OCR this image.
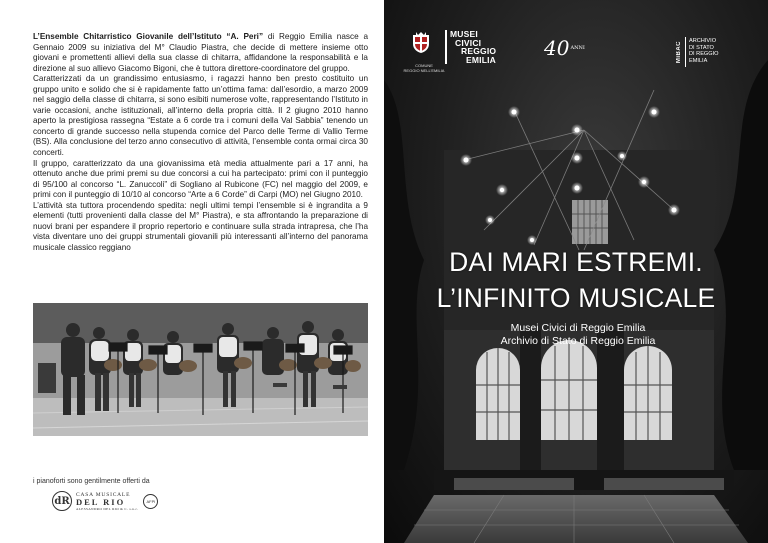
L’Ensemble Chitarristico Giovanile dell’Istituto “A. Peri” di Reggio Emilia nasce a Gennaio 2009 su iniziativa del M° Claudio Piastra, che decide di mettere insieme otto giovani e promettenti allievi della sua classe di chitarra, affidandone la responsabilità e la direzione al suo allievo Giacomo Bigoni, che è tuttora direttore-coordinatore del gruppo.

Caratterizzati da un grandissimo entusiasmo, i ragazzi hanno ben presto costituito un gruppo unito e solido che si è rapidamente fatto un’ottima fama: dall’esordio, a marzo 2009 nel saggio della classe di chitarra, si sono esibiti numerose volte, rappresentando l’Istituto in varie occasioni, anche istituzionali, all’interno della propria città. Il 2 giugno 2010 hanno aperto la prestigiosa rassegna “Estate a 6 corde tra i comuni della Val Sabbia” tenendo un concerto di grande successo nella stupenda cornice del Parco delle Terme di Vallio Terme (BS). Alla conclusione del terzo anno consecutivo di attività, l’ensemble conta ormai circa 30 concerti.

Il gruppo, caratterizzato da una giovanissima età media attualmente pari a 17 anni, ha ottenuto anche due primi premi su due concorsi a cui ha partecipato: primi con il punteggio di 95/100 al concorso “L. Zanuccoli” di Sogliano al Rubicone (FC) nel maggio del 2009, e primi con il punteggio di 10/10 al concorso “Arte a 6 Corde” di Carpi (MO) nel Giugno 2010.

L’attività sta tuttora procendendo spedita: negli ultimi tempi l’ensemble si è ingrandita a 9 elementi (tutti provenienti dalla classe del M° Piastra), e sta affrontando la preparazione di nuovi brani per espandere il proprio repertorio e continuare sulla strada intrapresa, che l’ha vista diventare uno dei gruppi strumentali giovanili più interessanti all’interno del panorama musicale classico reggiano

i pianoforti sono gentilmente offerti da
dR
CASA MUSICALE
DEL RIO
ALESSANDRO DEL RIO & C. s.n.c.
AFPI
COMUNE
REGGIO NELL’EMILIA
MUSEI
CIVICI
REGGIO
EMILIA $40^{ANNI}$	MiBAC ARCHIVIO
DI STATO
DI REGGIO
EMILIA
DAI MARI ESTREMI.
L’INFINITO MUSICALE
Musei Civici di Reggio Emilia
Archivio di Stato di Reggio Emilia
